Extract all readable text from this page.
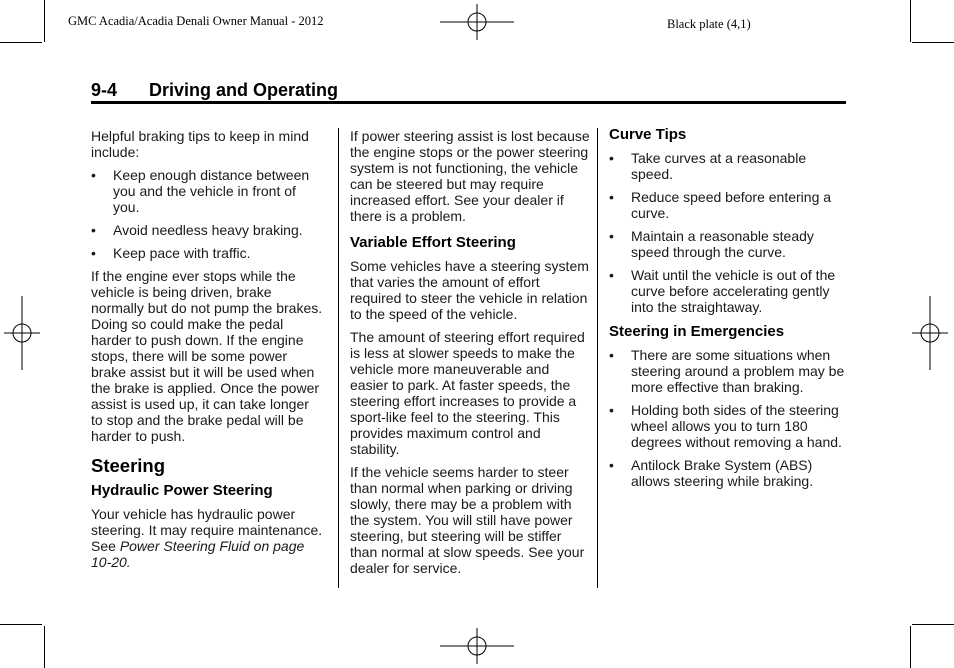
GMC Acadia/Acadia Denali Owner Manual - 2012	Black plate (4,1)
9-4 Driving and Operating

Helpful braking tips to keep in mind include:

• Keep enough distance between you and the vehicle in front of you.
• Avoid needless heavy braking.
• Keep pace with traffic.

If the engine ever stops while the vehicle is being driven, brake normally but do not pump the brakes. Doing so could make the pedal harder to push down. If the engine stops, there will be some power brake assist but it will be used when the brake is applied. Once the power assist is used up, it can take longer to stop and the brake pedal will be harder to push.

Steering
Hydraulic Power Steering

Your vehicle has hydraulic power steering. It may require maintenance. See Power Steering Fluid on page 10-20.

If power steering assist is lost because the engine stops or the power steering system is not functioning, the vehicle can be steered but may require increased effort. See your dealer if there is a problem.

Variable Effort Steering

Some vehicles have a steering system that varies the amount of effort required to steer the vehicle in relation to the speed of the vehicle.

The amount of steering effort required is less at slower speeds to make the vehicle more maneuverable and easier to park. At faster speeds, the steering effort increases to provide a sport-like feel to the steering. This provides maximum control and stability.

If the vehicle seems harder to steer than normal when parking or driving slowly, there may be a problem with the system. You will still have power steering, but steering will be stiffer than normal at slow speeds. See your dealer for service.

Curve Tips
• Take curves at a reasonable speed.
• Reduce speed before entering a curve.
• Maintain a reasonable steady speed through the curve.
• Wait until the vehicle is out of the curve before accelerating gently into the straightaway.
Steering in Emergencies
• There are some situations when steering around a problem may be more effective than braking.
• Holding both sides of the steering wheel allows you to turn 180 degrees without removing a hand.
• Antilock Brake System (ABS) allows steering while braking.
